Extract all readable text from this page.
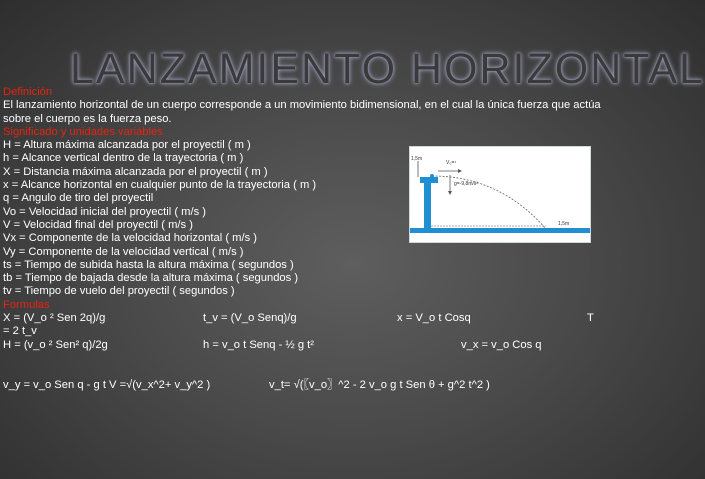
LANZAMIENTO HORIZONTAL
Definición
El lanzamiento horizontal de un cuerpo corresponde a un movimiento bidimensional, en el cual la única fuerza que actúa sobre el cuerpo es la fuerza peso.
Significado y unidades variables
H = Altura máxima alcanzada por el proyectil ( m )
h = Alcance vertical dentro de la trayectoria ( m )
X = Distancia máxima alcanzada por el proyectil ( m )
x = Alcance horizontal en cualquier punto de la trayectoria ( m )
q = Angulo de tiro del proyectil
Vo = Velocidad inicial del proyectil ( m/s )
V = Velocidad final del proyectil ( m/s )
Vx = Componente de la velocidad horizontal ( m/s )
Vy = Componente de la velocidad vertical ( m/s )
ts = Tiempo de subida hasta la altura máxima ( segundos )
tb = Tiempo de bajada desde la altura máxima ( segundos )
tv = Tiempo de vuelo del proyectil ( segundos )
Formulas
X = (V_o ² Sen 2q)/g	t_v = (V_o Senq)/g	x = V_o t Cosq	T
= 2 t_v
H = (v_o ² Sen² q)/2g	h = v_o t Senq - ½ g t²	v_x = v_o Cos q
v_y = v_o Sen q - g t V =√(v_x^2+ v_y^2 )	v_t= √(〖v_o〗^2 - 2 v_o g t Sen θ + g^2 t^2 )
1,5m
V₀=¹
g=-9,8m/s²
1,5m
